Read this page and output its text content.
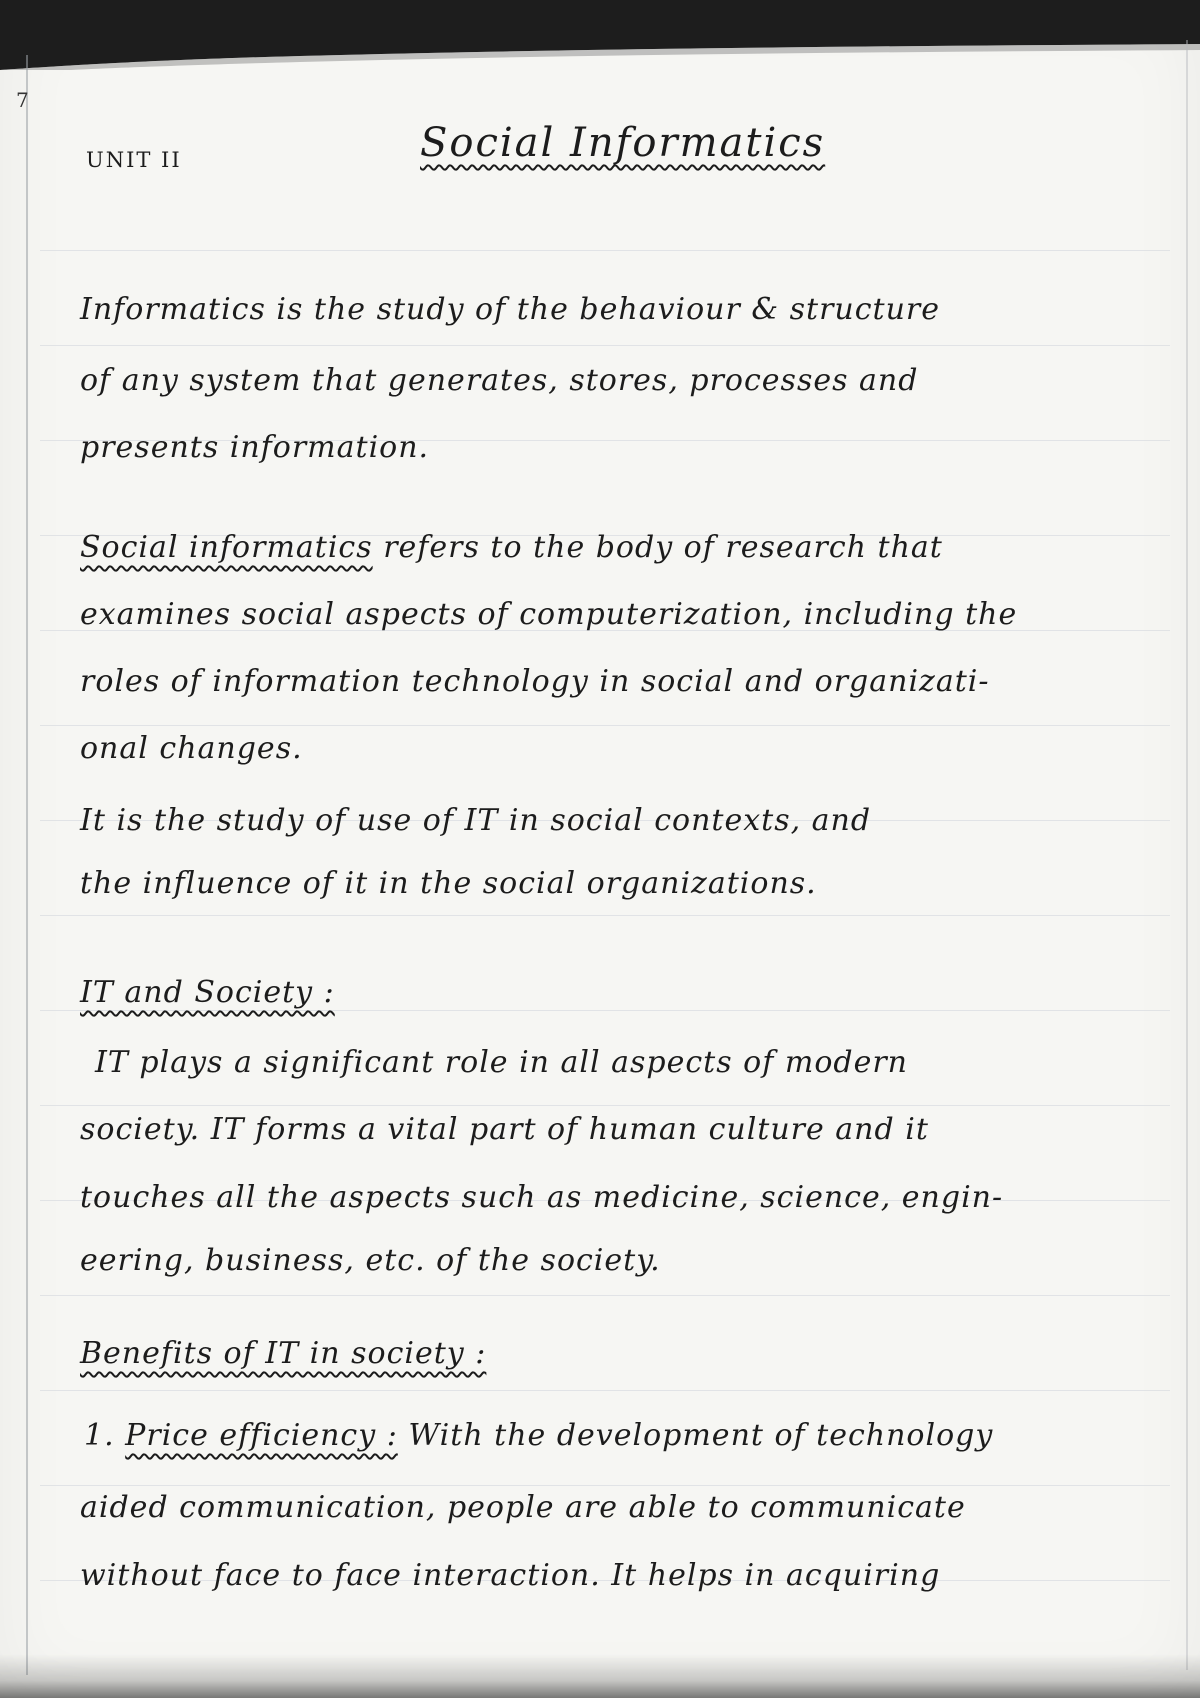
7
UNIT II	Social Informatics
Informatics is the study of the behaviour & structure
of any system that generates, stores, processes and
presents information.
Social informatics refers to the body of research that
examines social aspects of computerization, including the
roles of information technology in social and organizati-
onal changes.
It is the study of use of IT in social contexts, and
the influence of it in the social organizations.
IT and Society :
IT plays a significant role in all aspects of modern
society. IT forms a vital part of human culture and it
touches all the aspects such as medicine, science, engin-
eering, business, etc. of the society.
Benefits of IT in society :
1. Price efficiency : With the development of technology
aided communication, people are able to communicate
without face to face interaction. It helps in acquiring
